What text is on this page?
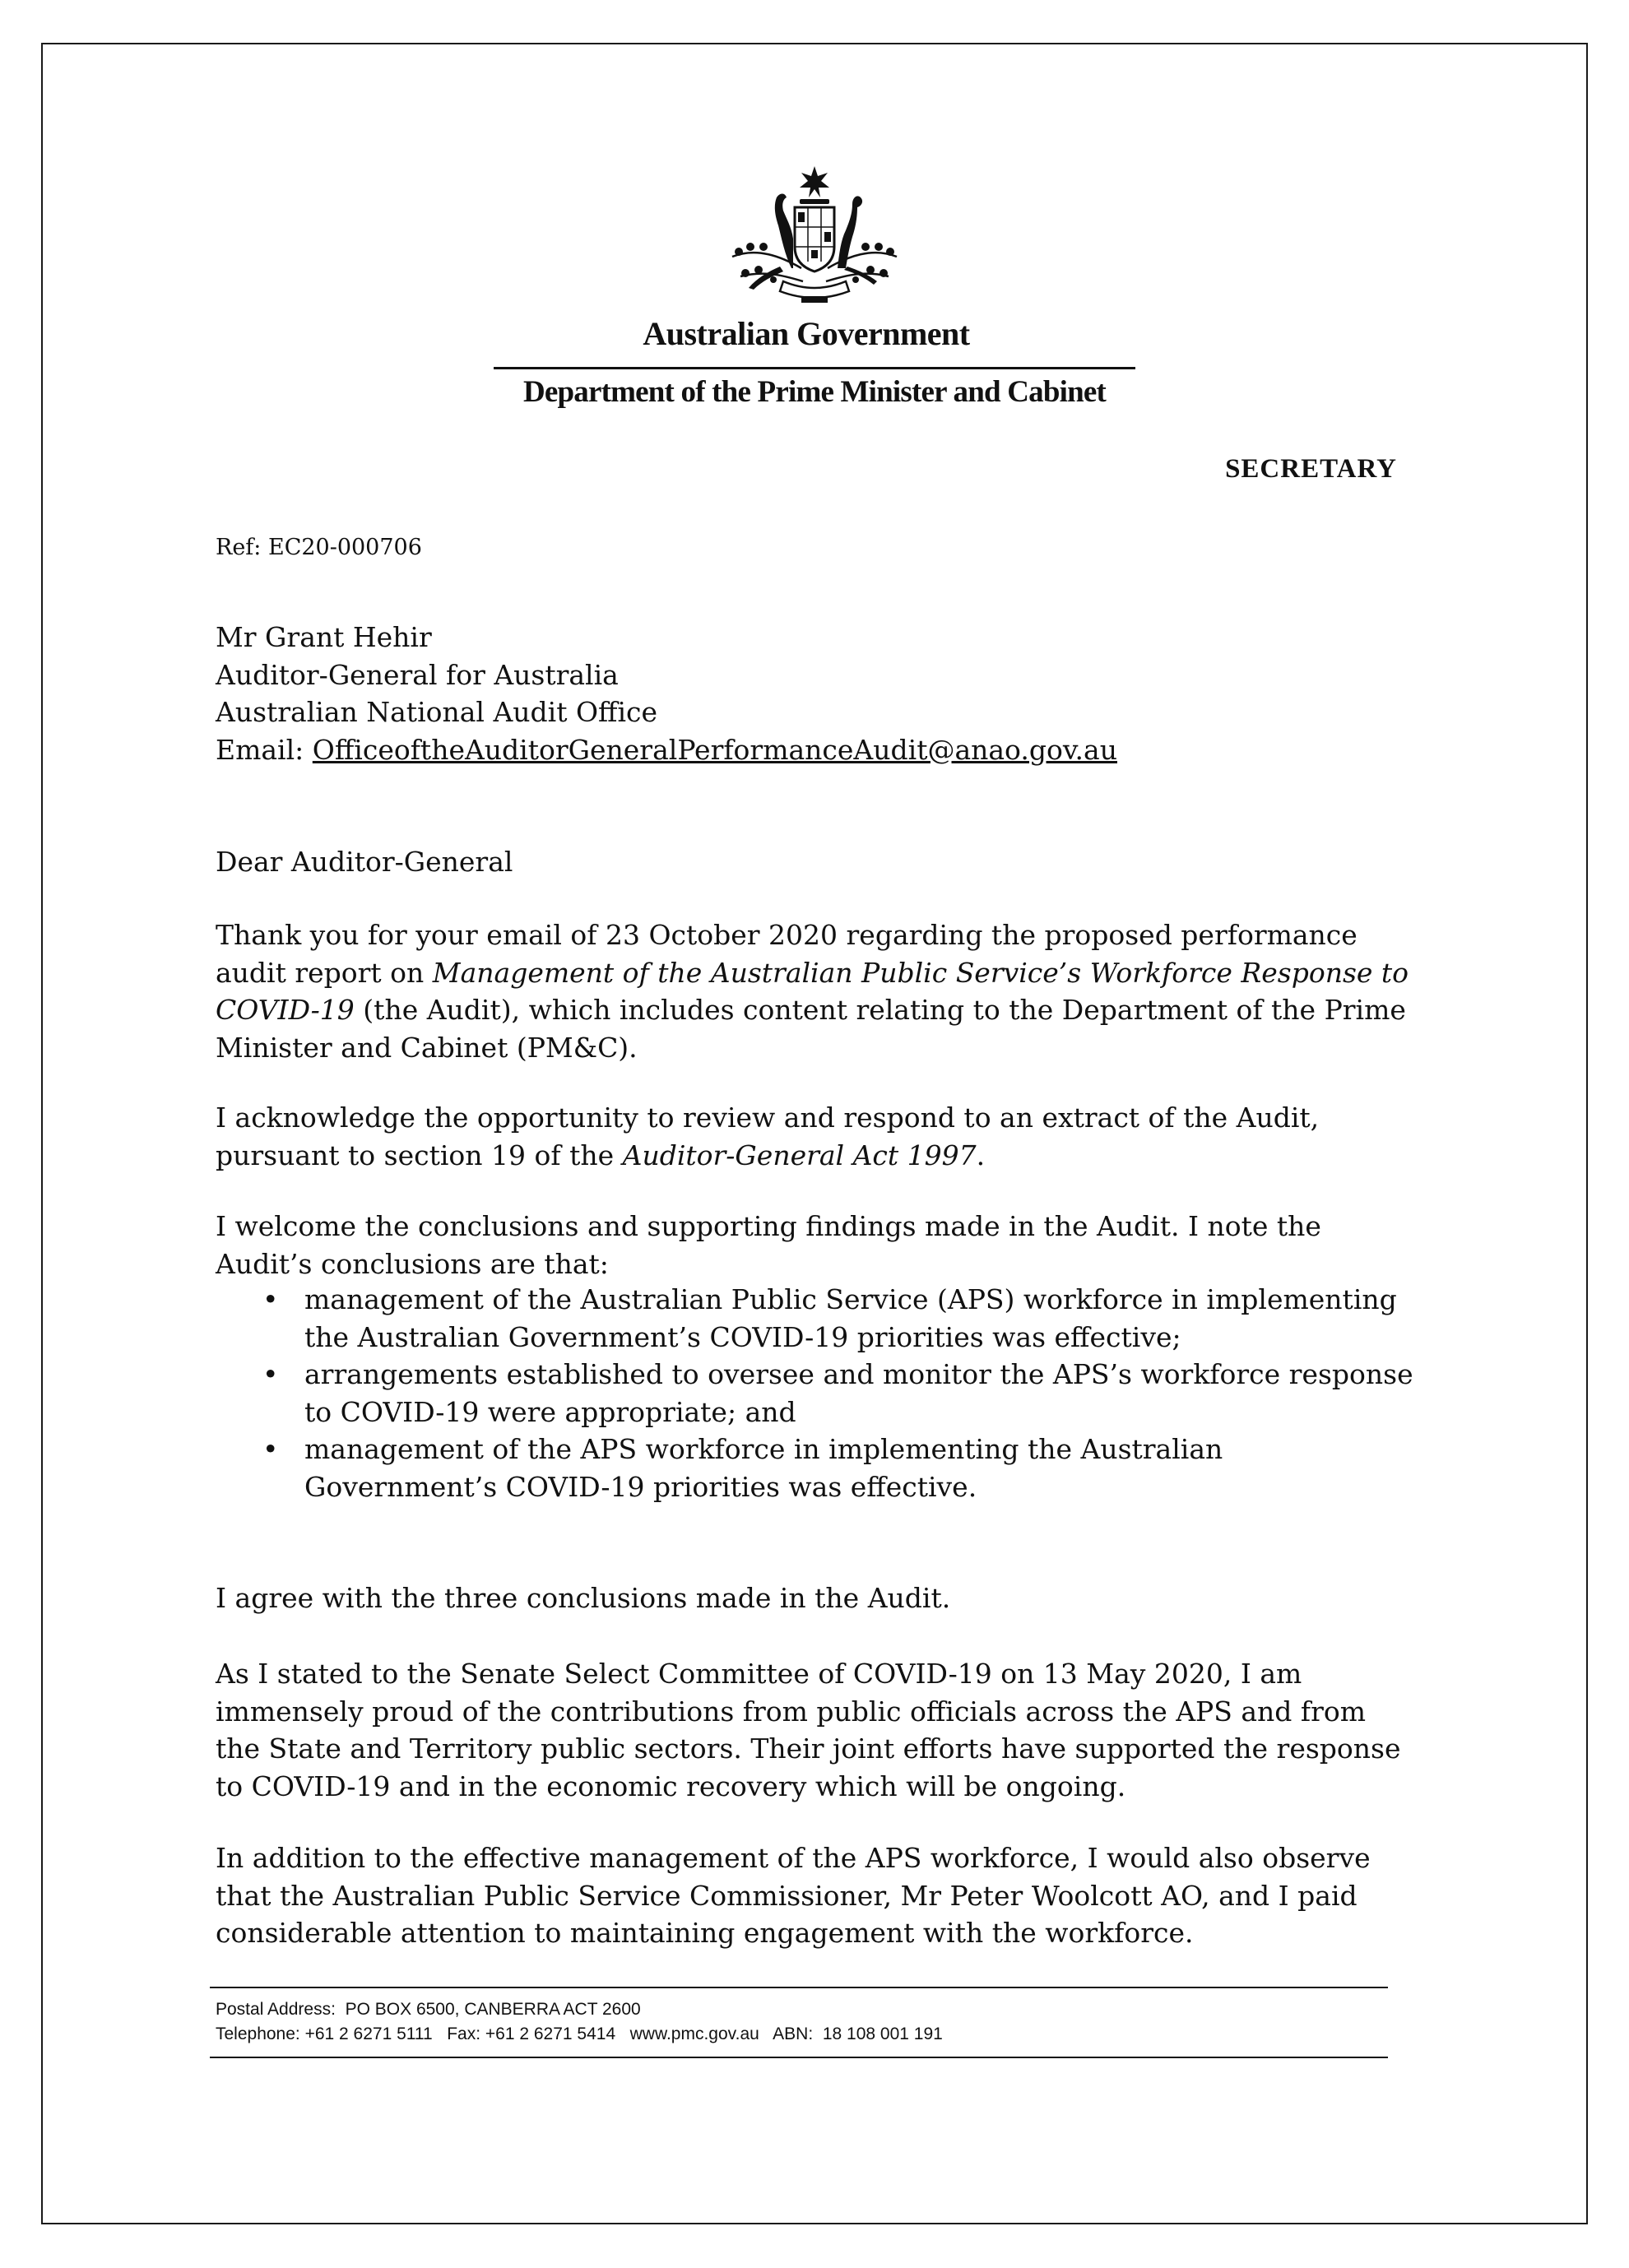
Australian Government
Department of the Prime Minister and Cabinet
SECRETARY
Ref: EC20-000706

Mr Grant Hehir

Auditor-General for Australia

Australian National Audit Office

Email: OfficeoftheAuditorGeneralPerformanceAudit@anao.gov.au

Dear Auditor-General
Thank you for your email of 23 October 2020 regarding the proposed performance audit report on Management of the Australian Public Service’s Workforce Response to COVID-19 (the Audit), which includes content relating to the Department of the Prime Minister and Cabinet (PM&C).
I acknowledge the opportunity to review and respond to an extract of the Audit, pursuant to section 19 of the Auditor-General Act 1997.
I welcome the conclusions and supporting findings made in the Audit. I note the Audit’s conclusions are that:
• management of the Australian Public Service (APS) workforce in implementing the Australian Government’s COVID-19 priorities was effective;
• arrangements established to oversee and monitor the APS’s workforce response to COVID-19 were appropriate; and
• management of the APS workforce in implementing the Australian Government’s COVID-19 priorities was effective.
I agree with the three conclusions made in the Audit.
As I stated to the Senate Select Committee of COVID-19 on 13 May 2020, I am immensely proud of the contributions from public officials across the APS and from the State and Territory public sectors. Their joint efforts have supported the response to COVID-19 and in the economic recovery which will be ongoing.
In addition to the effective management of the APS workforce, I would also observe that the Australian Public Service Commissioner, Mr Peter Woolcott AO, and I paid considerable attention to maintaining engagement with the workforce.
Postal Address:  PO BOX 6500, CANBERRA ACT 2600
Telephone: +61 2 6271 5111   Fax: +61 2 6271 5414   www.pmc.gov.au   ABN:  18 108 001 191
